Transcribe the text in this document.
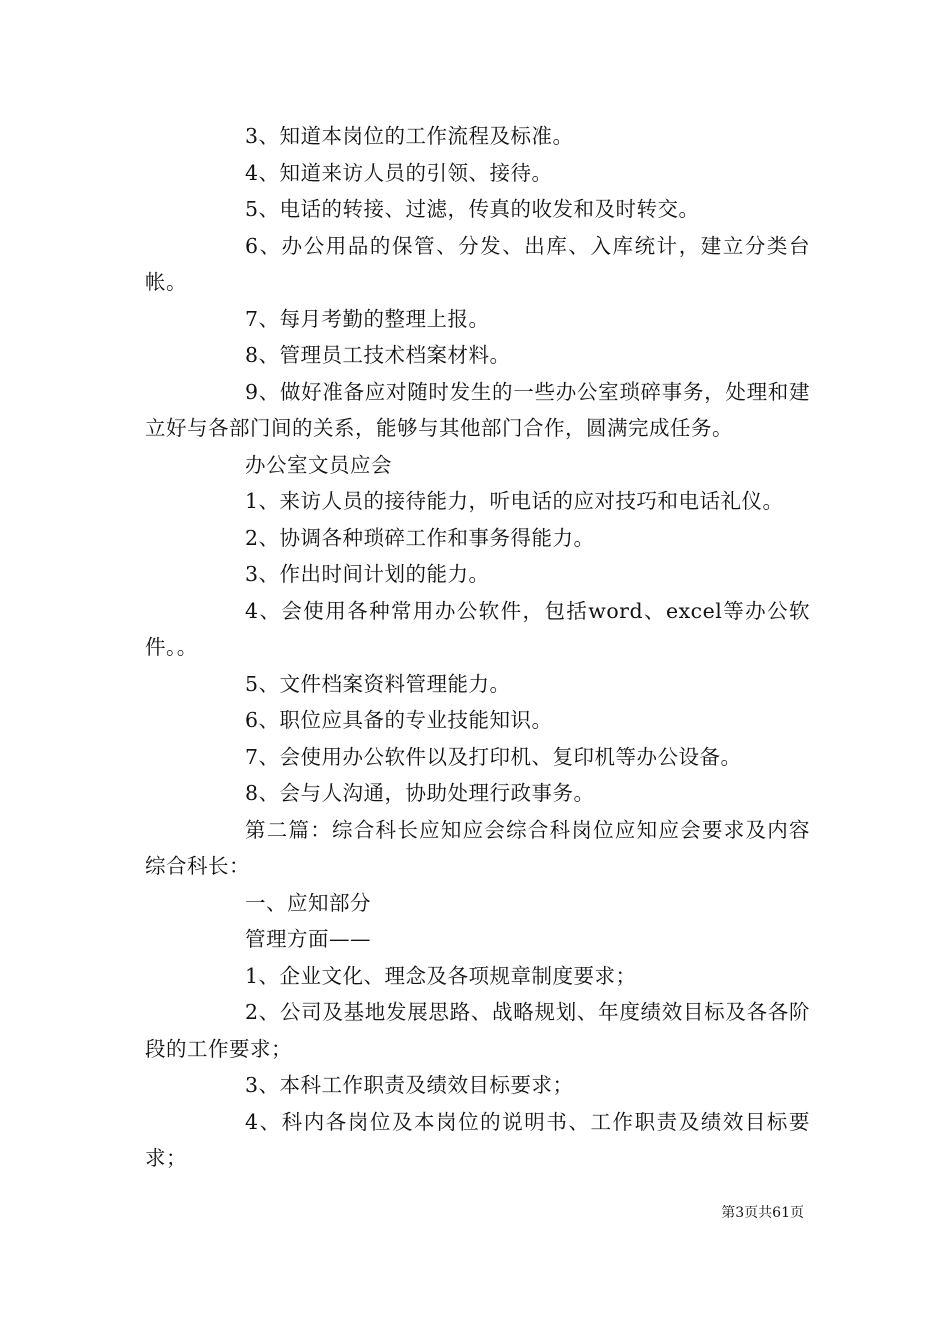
3、知道本岗位的工作流程及标准。

4、知道来访人员的引领、接待。

5、电话的转接、过滤，传真的收发和及时转交。

6、办公用品的保管、分发、出库、入库统计，建立分类台帐。

7、每月考勤的整理上报。

8、管理员工技术档案材料。

9、做好准备应对随时发生的一些办公室琐碎事务，处理和建立好与各部门间的关系，能够与其他部门合作，圆满完成任务。

办公室文员应会

1、来访人员的接待能力，听电话的应对技巧和电话礼仪。

2、协调各种琐碎工作和事务得能力。

3、作出时间计划的能力。

4、会使用各种常用办公软件，包括word、excel等办公软件。。

5、文件档案资料管理能力。

6、职位应具备的专业技能知识。

7、会使用办公软件以及打印机、复印机等办公设备。

8、会与人沟通，协助处理行政事务。

第二篇：综合科长应知应会综合科岗位应知应会要求及内容综合科长：

一、应知部分

管理方面——

1、企业文化、理念及各项规章制度要求；

2、公司及基地发展思路、战略规划、年度绩效目标及各各阶段的工作要求；

3、本科工作职责及绩效目标要求；

4、科内各岗位及本岗位的说明书、工作职责及绩效目标要求；

第3页共61页
